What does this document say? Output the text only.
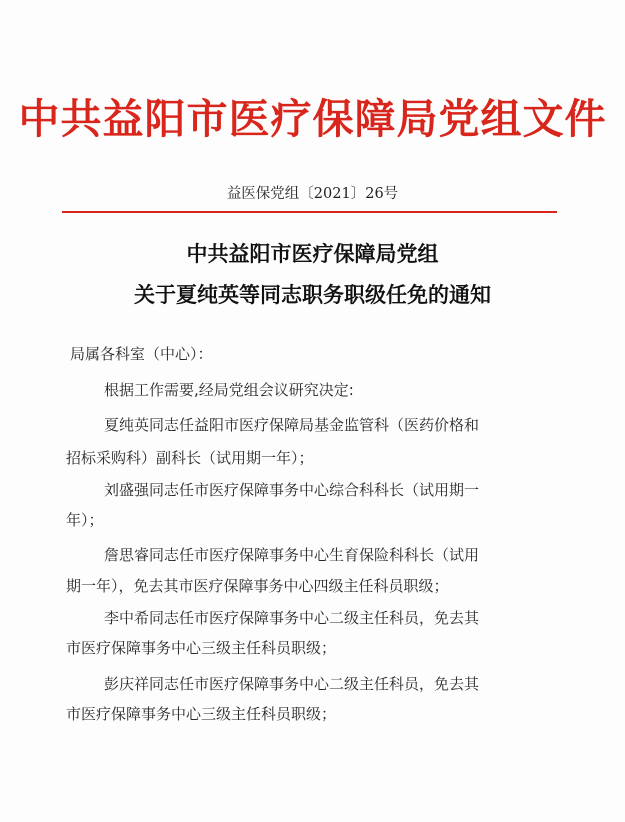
中共益阳市医疗保障局党组文件
益医保党组〔2021〕26号
中共益阳市医疗保障局党组
关于夏纯英等同志职务职级任免的通知
局属各科室（中心）：
根据工作需要,经局党组会议研究决定:
夏纯英同志任益阳市医疗保障局基金监管科（医药价格和
招标采购科）副科长（试用期一年）；
刘盛强同志任市医疗保障事务中心综合科科长（试用期一
年）；
詹思睿同志任市医疗保障事务中心生育保险科科长（试用
期一年），免去其市医疗保障事务中心四级主任科员职级；
李中希同志任市医疗保障事务中心二级主任科员，免去其
市医疗保障事务中心三级主任科员职级；
彭庆祥同志任市医疗保障事务中心二级主任科员，免去其
市医疗保障事务中心三级主任科员职级；
